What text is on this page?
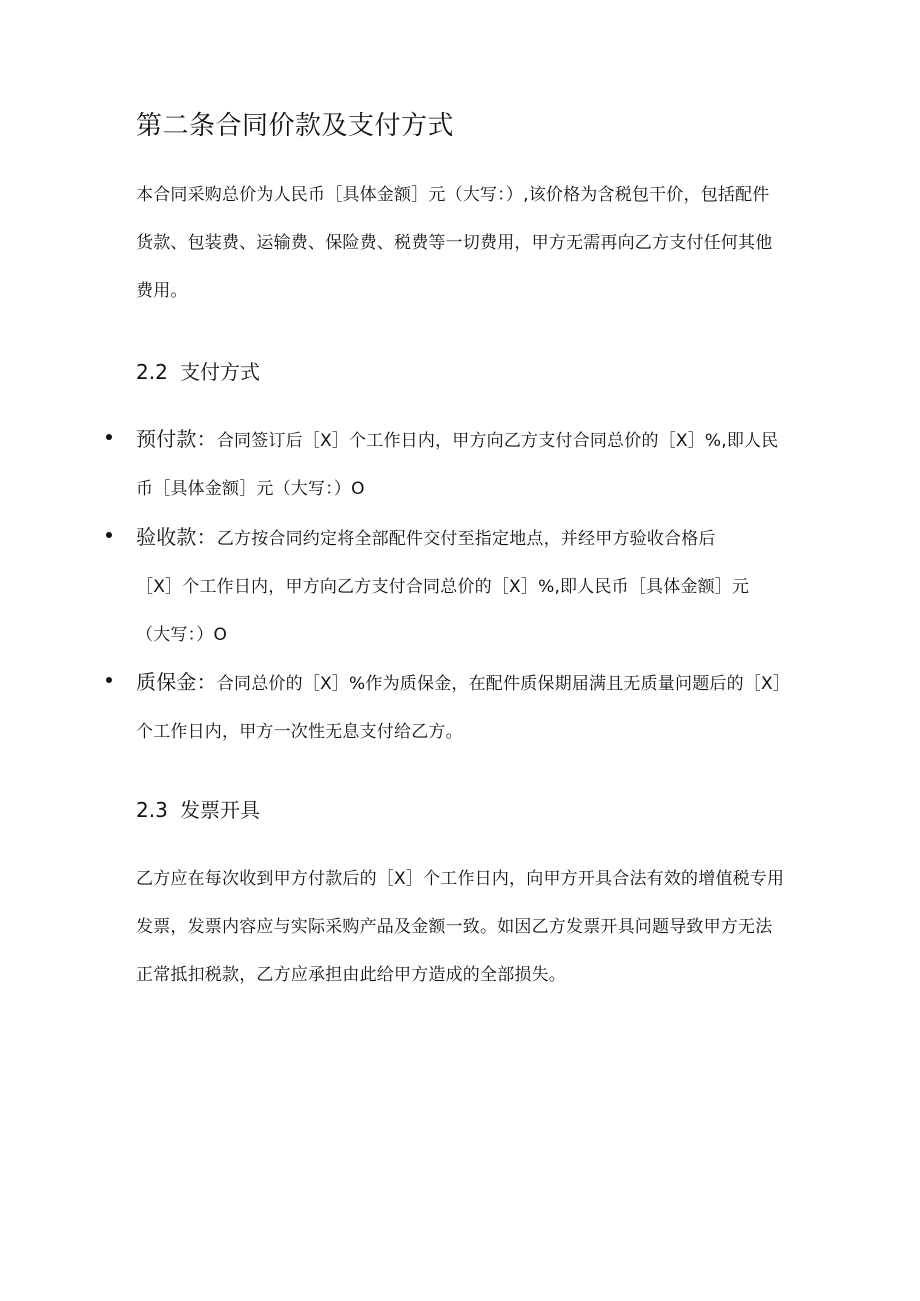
第二条合同价款及支付方式
本合同采购总价为人民币［具体金额］元（大写：）,该价格为含税包干价，包括配件
货款、包装费、运输费、保险费、税费等一切费用，甲方无需再向乙方支付任何其他
费用。
2.2 支付方式
预付款：合同签订后［X］个工作日内，甲方向乙方支付合同总价的［X］%,即人民
币［具体金额］元（大写：）O
验收款：乙方按合同约定将全部配件交付至指定地点，并经甲方验收合格后
［X］个工作日内，甲方向乙方支付合同总价的［X］%,即人民币［具体金额］元
（大写：）O
质保金：合同总价的［X］%作为质保金，在配件质保期届满且无质量问题后的［X］
个工作日内，甲方一次性无息支付给乙方。
2.3 发票开具
乙方应在每次收到甲方付款后的［X］个工作日内，向甲方开具合法有效的增值税专用
发票，发票内容应与实际采购产品及金额一致。如因乙方发票开具问题导致甲方无法
正常抵扣税款，乙方应承担由此给甲方造成的全部损失。
